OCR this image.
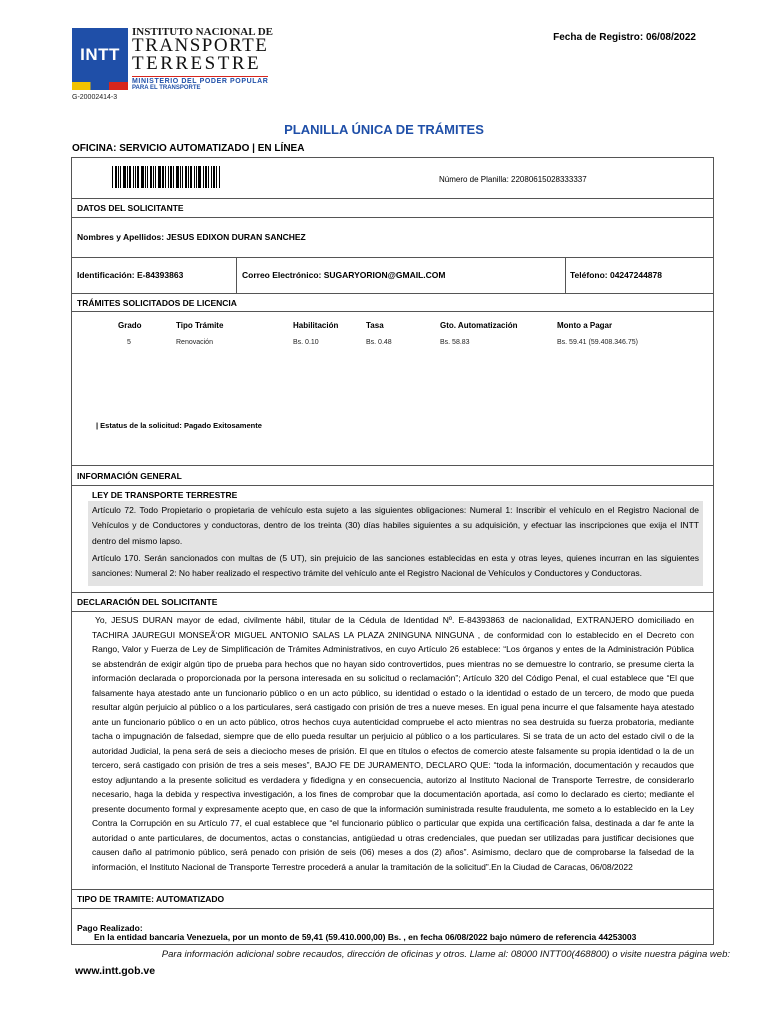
INTT
INSTITUTO NACIONAL DE
TRANSPORTE
TERRESTRE
MINISTERIO DEL PODER POPULAR
PARA EL TRANSPORTE
G-20002414-3
Fecha de Registro: 06/08/2022
PLANILLA ÚNICA DE TRÁMITES
OFICINA: SERVICIO AUTOMATIZADO | EN LÍNEA
Número de Planilla: 22080615028333337
DATOS DEL SOLICITANTE
Nombres y Apellidos: JESUS EDIXON DURAN SANCHEZ
Identificación: E-84393863	Correo Electrónico: SUGARYORION@GMAIL.COM	Teléfono: 04247244878
TRÁMITES SOLICITADOS DE LICENCIA
Grado	Tipo Trámite	Habilitación	Tasa	Gto. Automatización	Monto a Pagar
5	Renovación	Bs. 0.10	Bs. 0.48	Bs. 58.83	Bs. 59.41 (59.408.346.75)
| Estatus de la solicitud: Pagado Exitosamente
INFORMACIÓN GENERAL
LEY DE TRANSPORTE TERRESTRE

Artículo 72. Todo Propietario o propietaria de vehículo esta sujeto a las siguientes obligaciones: Numeral 1: Inscribir el vehículo en el Registro Nacional de Vehículos y de Conductores y conductoras, dentro de los treinta (30) días habiles siguientes a su adquisición, y efectuar las inscripciones que exija el INTT dentro del mismo lapso.

Artículo 170. Serán sancionados con multas de (5 UT), sin prejuicio de las sanciones establecidas en esta y otras leyes, quienes incurran en las siguientes sanciones: Numeral 2: No haber realizado el respectivo trámite del vehículo ante el Registro Nacional de Vehículos y Conductores y Conductoras.

DECLARACIÓN DEL SOLICITANTE
Yo, JESUS DURAN mayor de edad, civilmente hábil, titular de la Cédula de Identidad Nº. E-84393863 de nacionalidad, EXTRANJERO domiciliado en TACHIRA JAUREGUI MONSEÃ‘OR MIGUEL ANTONIO SALAS LA PLAZA 2NINGUNA NINGUNA , de conformidad con lo establecido en el Decreto con Rango, Valor y Fuerza de Ley de Simplificación de Trámites Administrativos, en cuyo Artículo 26 establece: “Los órganos y entes de la Administración Pública se abstendrán de exigir algún tipo de prueba para hechos que no hayan sido controvertidos, pues mientras no se demuestre lo contrario, se presume cierta la información declarada o proporcionada por la persona interesada en su solicitud o reclamación”; Artículo 320 del Código Penal, el cual establece que “El que falsamente haya atestado ante un funcionario público o en un acto público, su identidad o estado o la identidad o estado de un tercero, de modo que pueda resultar algún perjuicio al público o a los particulares, será castigado con prisión de tres a nueve meses. En igual pena incurre el que falsamente haya atestado ante un funcionario público o en un acto público, otros hechos cuya autenticidad compruebe el acto mientras no sea destruida su fuerza probatoria, mediante tacha o impugnación de falsedad, siempre que de ello pueda resultar un perjuicio al público o a los particulares. Si se trata de un acto del estado civil o de la autoridad Judicial, la pena será de seis a dieciocho meses de prisión. El que en títulos o efectos de comercio ateste falsamente su propia identidad o la de un tercero, será castigado con prisión de tres a seis meses”, BAJO FE DE JURAMENTO, DECLARO QUE: “toda la información, documentación y recaudos que estoy adjuntando a la presente solicitud es verdadera y fidedigna y en consecuencia, autorizo al Instituto Nacional de Transporte Terrestre, de considerarlo necesario, haga la debida y respectiva investigación, a los fines de comprobar que la documentación aportada, así como lo declarado es cierto; mediante el presente documento formal y expresamente acepto que, en caso de que la información suministrada resulte fraudulenta, me someto a lo establecido en la Ley Contra la Corrupción en su Artículo 77, el cual establece que “el funcionario público o particular que expida una certificación falsa, destinada a dar fe ante la autoridad o ante particulares, de documentos, actas o constancias, antigüedad u otras credenciales, que puedan ser utilizadas para justificar decisiones que causen daño al patrimonio público, será penado con prisión de seis (06) meses a dos (2) años”. Asimismo, declaro que de comprobarse la falsedad de la información, el Instituto Nacional de Transporte Terrestre procederá a anular la tramitación de la solicitud”.En la Ciudad de Caracas, 06/08/2022
TIPO DE TRAMITE: AUTOMATIZADO
Pago Realizado:
En la entidad bancaria Venezuela, por un monto de 59,41 (59.410.000,00) Bs. , en fecha 06/08/2022 bajo número de referencia 44253003
Para información adicional sobre recaudos, dirección de oficinas y otros. Llame al: 08000 INTT00(468800) o visite nuestra página web:
www.intt.gob.ve
